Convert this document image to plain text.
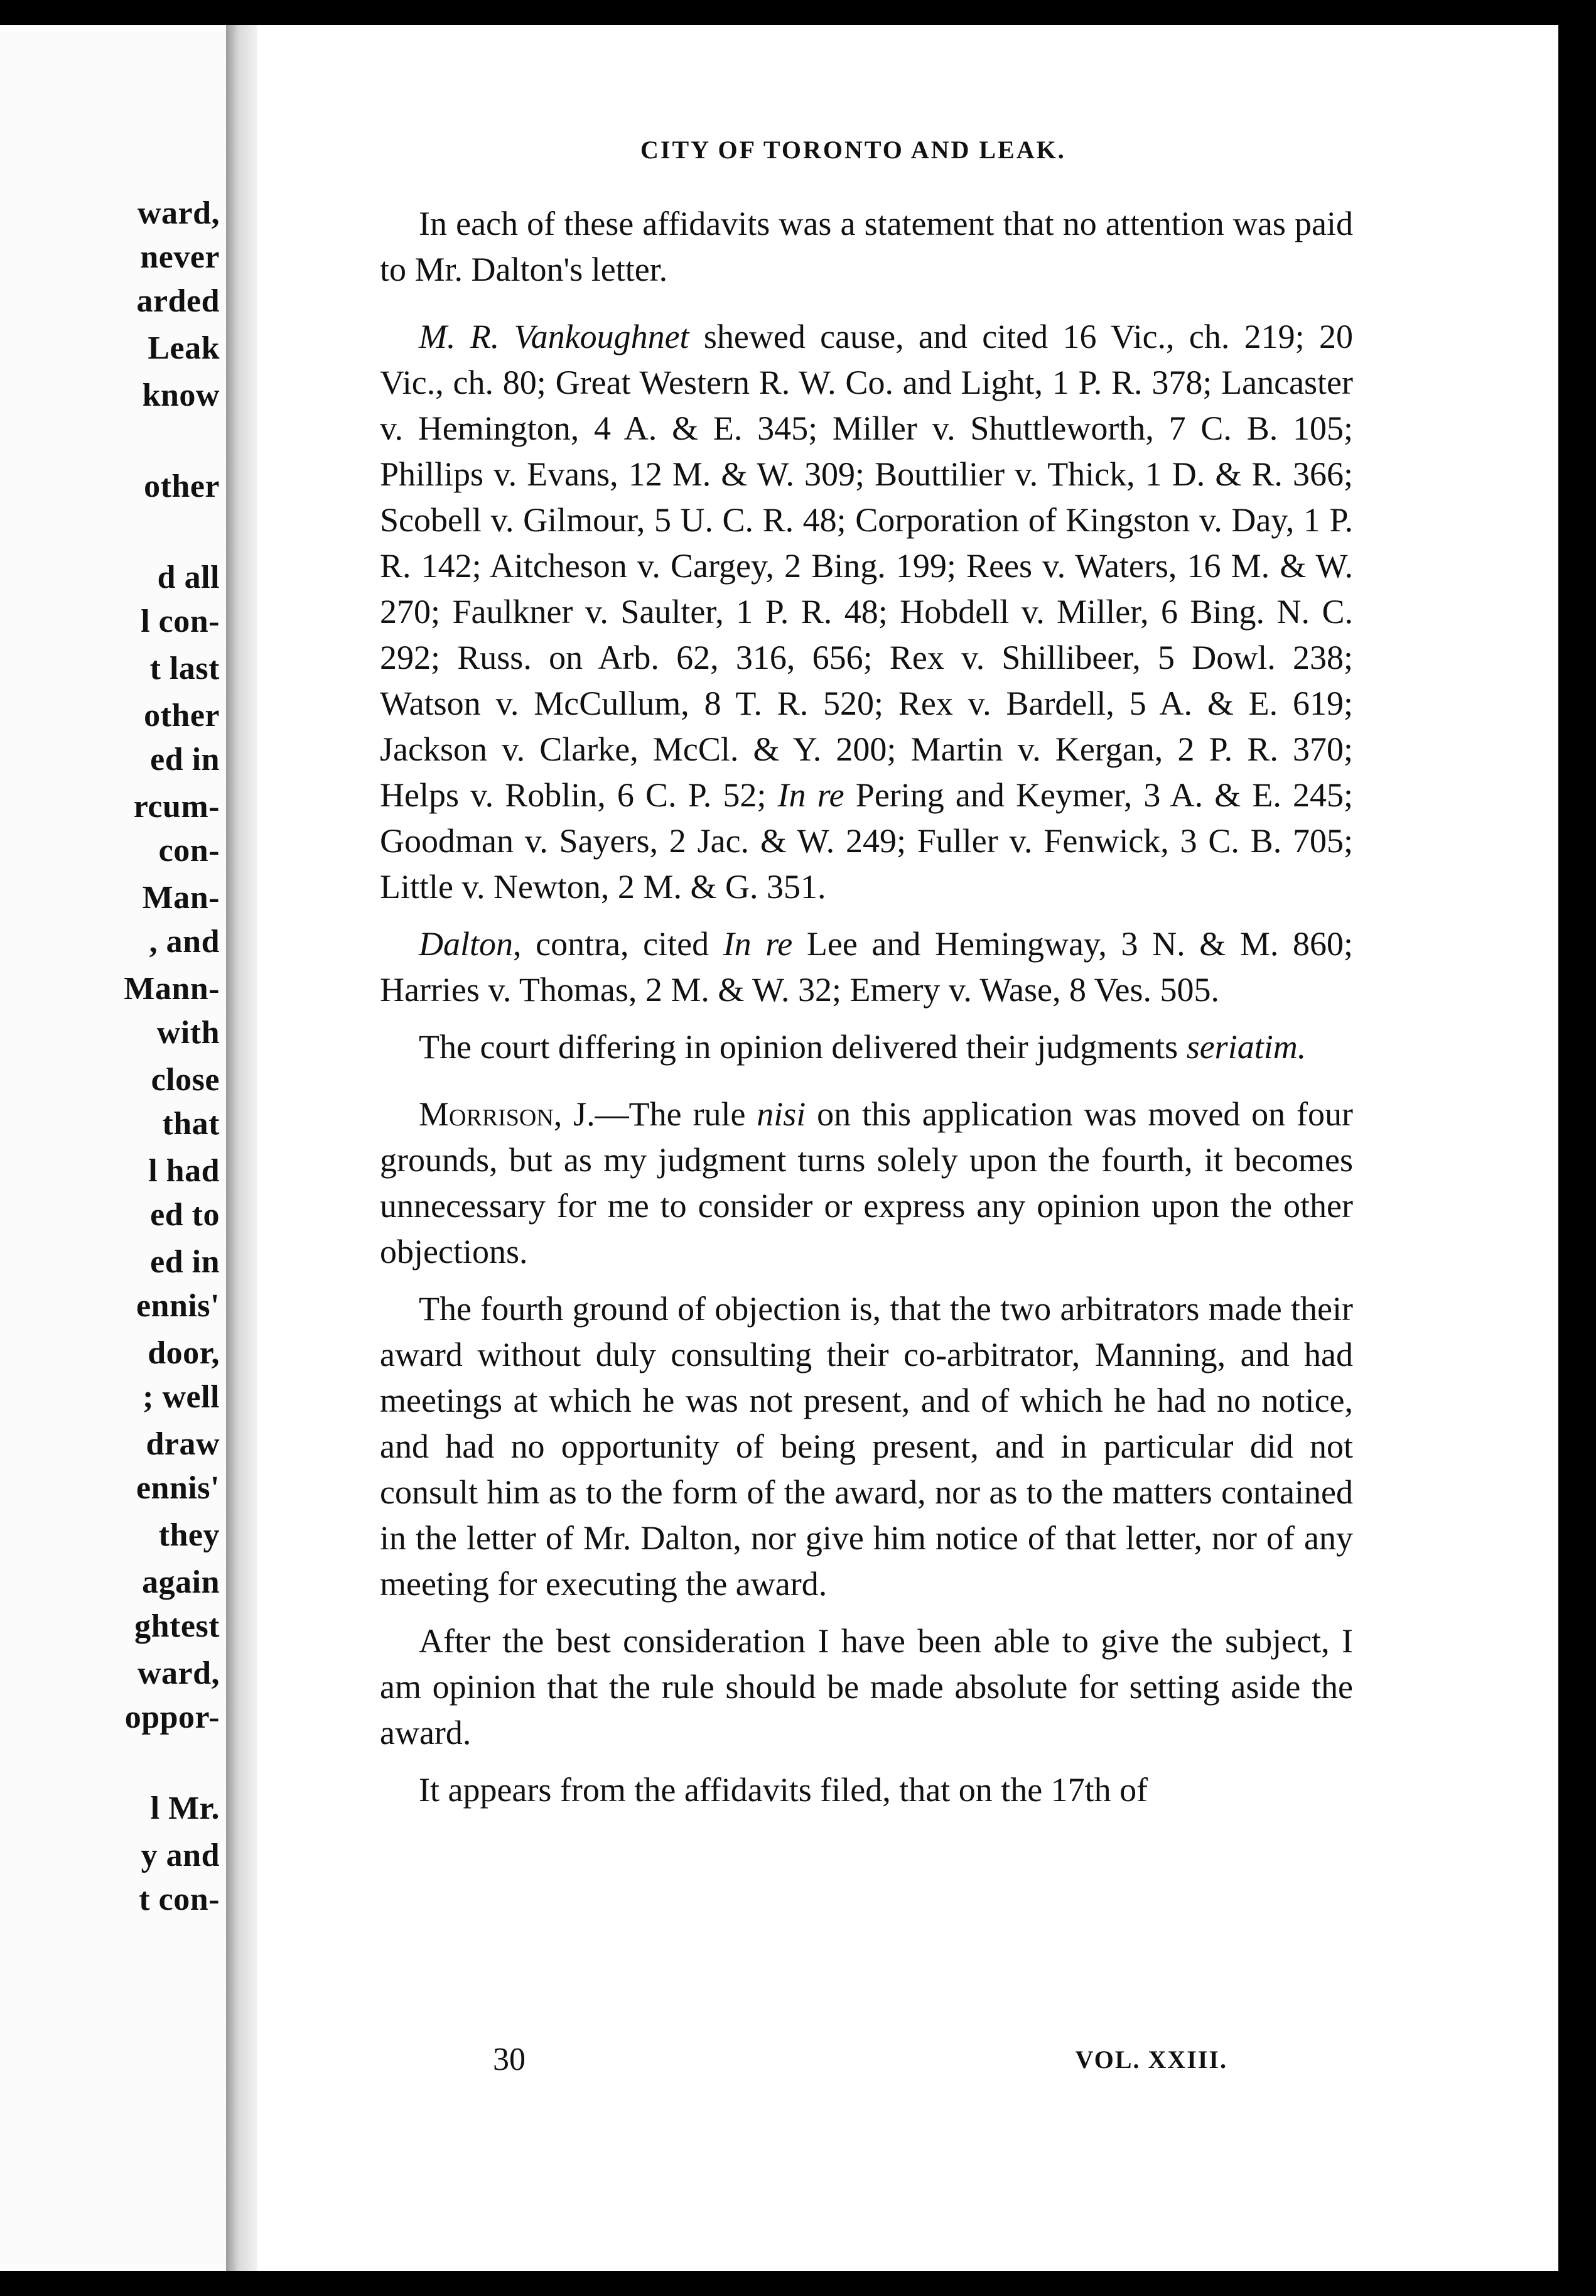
ward,
never
arded
Leak
know
other
d all
l con-
t last
other
ed in
rcum-
con-
Man-
, and
Mann-
with
close
that
l had
ed to
ed in
ennis'
door,
; well
draw
ennis'
they
again
ghtest
ward,
oppor-
l Mr.
y and
t con-
CITY OF TORONTO AND LEAK.

In each of these affidavits was a statement that no attention was paid to Mr. Dalton's letter.

M. R. Vankoughnet shewed cause, and cited 16 Vic., ch. 219; 20 Vic., ch. 80; Great Western R. W. Co. and Light, 1 P. R. 378; Lancaster v. Hemington, 4 A. & E. 345; Miller v. Shuttleworth, 7 C. B. 105; Phillips v. Evans, 12 M. & W. 309; Bouttilier v. Thick, 1 D. & R. 366; Scobell v. Gilmour, 5 U. C. R. 48; Corporation of Kingston v. Day, 1 P. R. 142; Aitcheson v. Cargey, 2 Bing. 199; Rees v. Waters, 16 M. & W. 270; Faulkner v. Saulter, 1 P. R. 48; Hobdell v. Miller, 6 Bing. N. C. 292; Russ. on Arb. 62, 316, 656; Rex v. Shillibeer, 5 Dowl. 238; Watson v. McCullum, 8 T. R. 520; Rex v. Bardell, 5 A. & E. 619; Jackson v. Clarke, McCl. & Y. 200; Martin v. Kergan, 2 P. R. 370; Helps v. Roblin, 6 C. P. 52; In re Pering and Keymer, 3 A. & E. 245; Goodman v. Sayers, 2 Jac. & W. 249; Fuller v. Fenwick, 3 C. B. 705; Little v. Newton, 2 M. & G. 351.

Dalton, contra, cited In re Lee and Hemingway, 3 N. & M. 860; Harries v. Thomas, 2 M. & W. 32; Emery v. Wase, 8 Ves. 505.

The court differing in opinion delivered their judgments seriatim.

Morrison, J.—The rule nisi on this application was moved on four grounds, but as my judgment turns solely upon the fourth, it becomes unnecessary for me to consider or express any opinion upon the other objections.

The fourth ground of objection is, that the two arbitrators made their award without duly consulting their co-arbitrator, Manning, and had meetings at which he was not present, and of which he had no notice, and had no opportunity of being present, and in particular did not consult him as to the form of the award, nor as to the matters contained in the letter of Mr. Dalton, nor give him notice of that letter, nor of any meeting for executing the award.

After the best consideration I have been able to give the subject, I am opinion that the rule should be made absolute for setting aside the award.

It appears from the affidavits filed, that on the 17th of

30	VOL. XXIII.
